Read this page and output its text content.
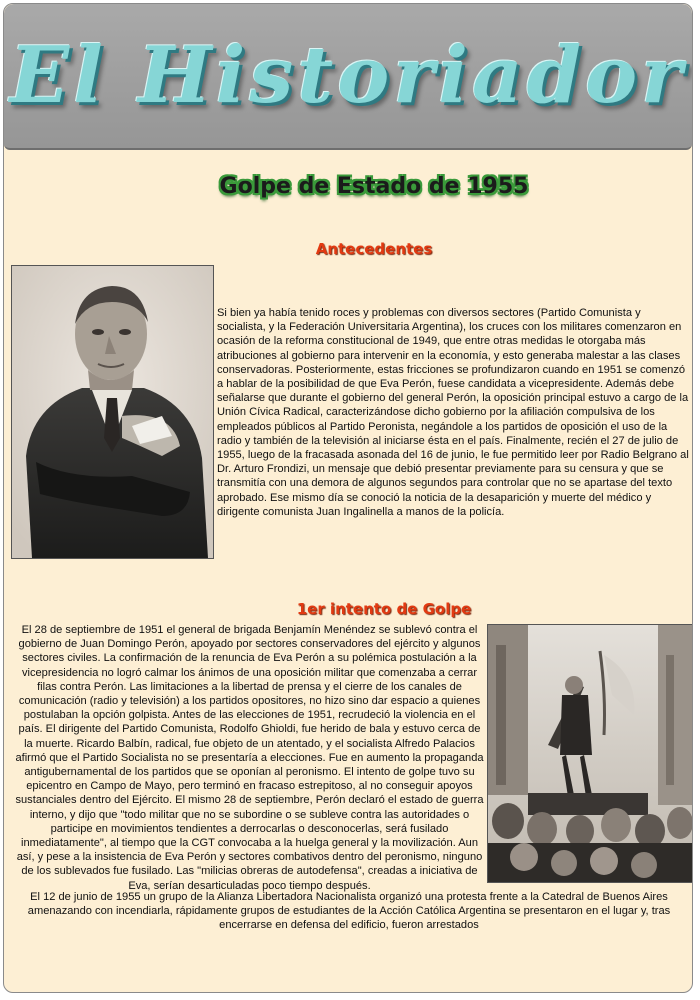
El Historiador
Golpe de Estado de 1955
Antecedentes
Si bien ya había tenido roces y problemas con diversos sectores (Partido Comunista y socialista, y la Federación Universitaria Argentina), los cruces con los militares comenzaron en ocasión de la reforma constitucional de 1949, que entre otras medidas le otorgaba más atribuciones al gobierno para intervenir en la economía, y esto generaba malestar a las clases conservadoras. Posteriormente, estas fricciones se profundizaron cuando en 1951 se comenzó a hablar de la posibilidad de que Eva Perón, fuese candidata a vicepresidente. Además debe señalarse que durante el gobierno del general Perón, la oposición principal estuvo a cargo de la Unión Cívica Radical, caracterizándose dicho gobierno por la afiliación compulsiva de los empleados públicos al Partido Peronista, negándole a los partidos de oposición el uso de la radio y también de la televisión al iniciarse ésta en el país. Finalmente, recién el 27 de julio de 1955, luego de la fracasada asonada del 16 de junio, le fue permitido leer por Radio Belgrano al Dr. Arturo Frondizi, un mensaje que debió presentar previamente para su censura y que se transmitía con una demora de algunos segundos para controlar que no se apartase del texto aprobado. Ese mismo día se conoció la noticia de la desaparición y muerte del médico y dirigente comunista Juan Ingalinella a manos de la policía.
1er intento de Golpe
El 28 de septiembre de 1951 el general de brigada Benjamín Menéndez se sublevó contra el gobierno de Juan Domingo Perón, apoyado por sectores conservadores del ejército y algunos sectores civiles. La confirmación de la renuncia de Eva Perón a su polémica postulación a la vicepresidencia no logró calmar los ánimos de una oposición militar que comenzaba a cerrar filas contra Perón. Las limitaciones a la libertad de prensa y el cierre de los canales de comunicación (radio y televisión) a los partidos opositores, no hizo sino dar espacio a quienes postulaban la opción golpista. Antes de las elecciones de 1951, recrudeció la violencia en el país. El dirigente del Partido Comunista, Rodolfo Ghioldi, fue herido de bala y estuvo cerca de la muerte. Ricardo Balbín, radical, fue objeto de un atentado, y el socialista Alfredo Palacios afirmó que el Partido Socialista no se presentaría a elecciones. Fue en aumento la propaganda antigubernamental de los partidos que se oponían al peronismo. El intento de golpe tuvo su epicentro en Campo de Mayo, pero terminó en fracaso estrepitoso, al no conseguir apoyos sustanciales dentro del Ejército. El mismo 28 de septiembre, Perón declaró el estado de guerra interno, y dijo que "todo militar que no se subordine o se subleve contra las autoridades o participe en movimientos tendientes a derrocarlas o desconocerlas, será fusilado inmediatamente", al tiempo que la CGT convocaba a la huelga general y la movilización. Aun así, y pese a la insistencia de Eva Perón y sectores combativos dentro del peronismo, ninguno de los sublevados fue fusilado. Las "milicias obreras de autodefensa", creadas a iniciativa de Eva, serían desarticuladas poco tiempo después.
El 12 de junio de 1955 un grupo de la Alianza Libertadora Nacionalista organizó una protesta frente a la Catedral de Buenos Aires amenazando con incendiarla, rápidamente grupos de estudiantes de la Acción Católica Argentina se presentaron en el lugar y, tras encerrarse en defensa del edificio, fueron arrestados
